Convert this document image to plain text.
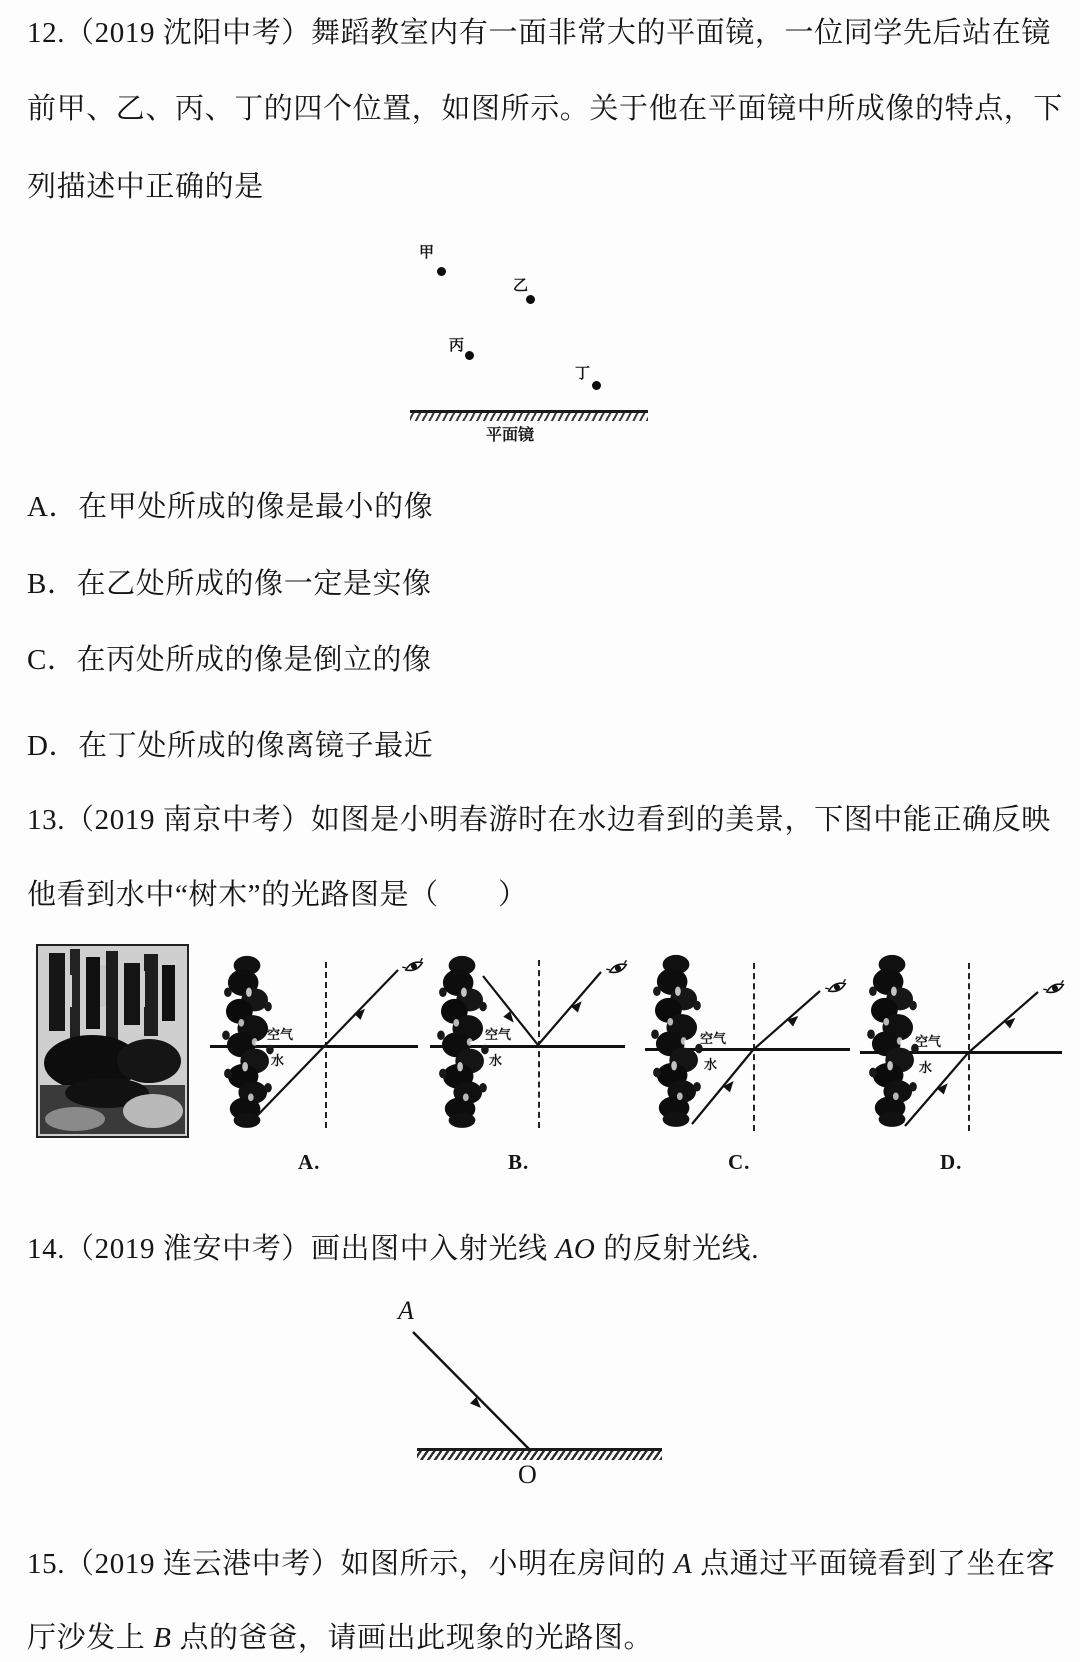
12.（2019 沈阳中考）舞蹈教室内有一面非常大的平面镜，一位同学先后站在镜
前甲、乙、丙、丁的四个位置，如图所示。关于他在平面镜中所成像的特点，下
列描述中正确的是
甲
乙
丙
丁
平面镜
A．在甲处所成的像是最小的像
B．在乙处所成的像一定是实像
C．在丙处所成的像是倒立的像
D．在丁处所成的像离镜子最近
13.（2019 南京中考）如图是小明春游时在水边看到的美景，下图中能正确反映
他看到水中“树木”的光路图是（　　）
空气
水
空气
水
空气
水
空气
水
A.	B.	C.	D.
14.（2019 淮安中考）画出图中入射光线 AO 的反射光线.
A
O
15.（2019 连云港中考）如图所示，小明在房间的 A 点通过平面镜看到了坐在客
厅沙发上 B 点的爸爸，请画出此现象的光路图。
